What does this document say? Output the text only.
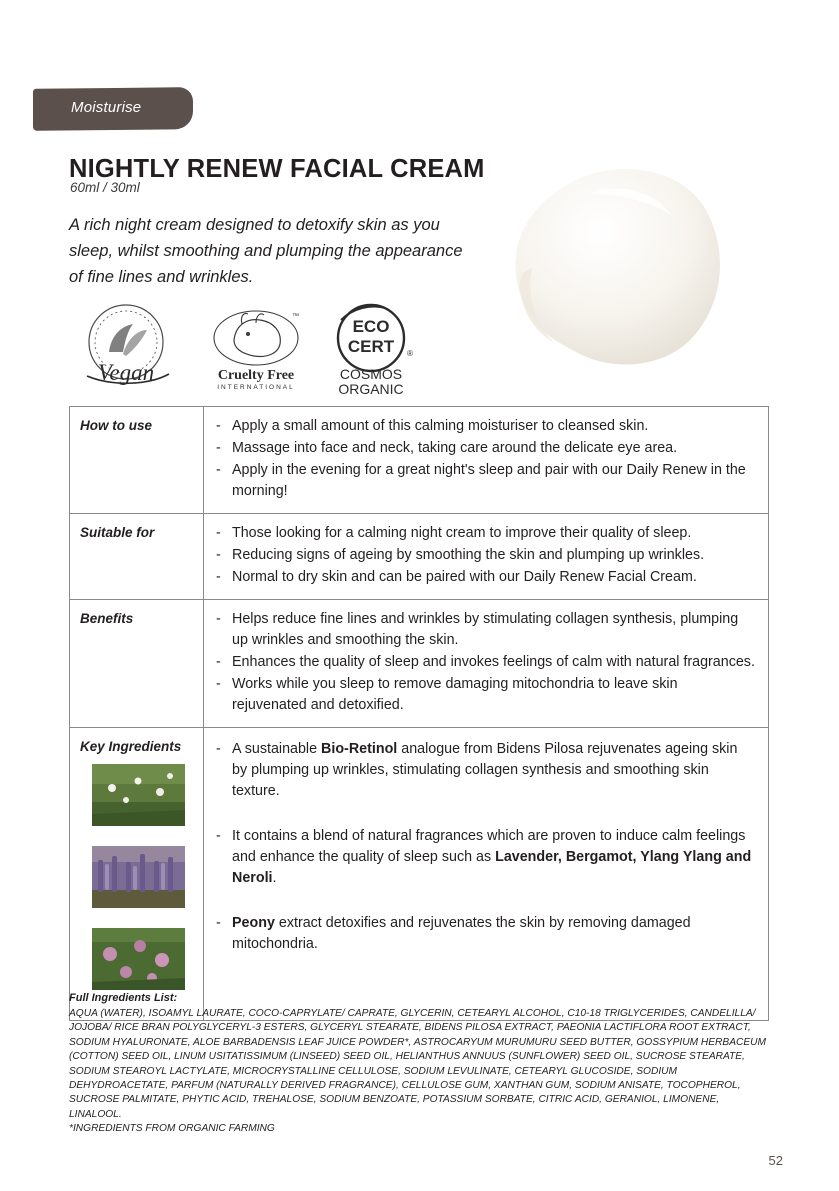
Moisturise
NIGHTLY RENEW FACIAL CREAM
60ml / 30ml
A rich night cream designed to detoxify skin as you sleep, whilst smoothing and plumping the appearance of fine lines and wrinkles.
Vegan
™
Cruelty Free
INTERNATIONAL
ECO
CERT ®
COSMOS
ORGANIC
How to use	- Apply a small amount of this calming moisturiser to cleansed skin.
- Massage into face and neck, taking care around the delicate eye area.
- Apply in the evening for a great night's sleep and pair with our Daily Renew in the morning!
Suitable for	- Those looking for a calming night cream to improve their quality of sleep.
- Reducing signs of ageing by smoothing the skin and plumping up wrinkles.
- Normal to dry skin and can be paired with our Daily Renew Facial Cream.
Benefits	- Helps reduce fine lines and wrinkles by stimulating collagen synthesis, plumping up wrinkles and smoothing the skin.
- Enhances the quality of sleep and invokes feelings of calm with natural fragrances.
- Works while you sleep to remove damaging mitochondria to leave skin rejuvenated and detoxified.
Key Ingredients	- A sustainable Bio-Retinol analogue from Bidens Pilosa rejuvenates ageing skin by plumping up wrinkles, stimulating collagen synthesis and smoothing skin texture.
- It contains a blend of natural fragrances which are proven to induce calm feelings and enhance the quality of sleep such as Lavender, Bergamot, Ylang Ylang and Neroli.
- Peony extract detoxifies and rejuvenates the skin by removing damaged mitochondria.
Full Ingredients List:
AQUA (WATER), ISOAMYL LAURATE, COCO-CAPRYLATE/ CAPRATE, GLYCERIN, CETEARYL ALCOHOL, C10-18 TRIGLYCERIDES, CANDELILLA/ JOJOBA/ RICE BRAN POLYGLYCERYL-3 ESTERS, GLYCERYL STEARATE, BIDENS PILOSA EXTRACT, PAEONIA LACTIFLORA ROOT EXTRACT, SODIUM HYALURONATE, ALOE BARBADENSIS LEAF JUICE POWDER*, ASTROCARYUM MURUMURU SEED BUTTER, GOSSYPIUM HERBACEUM (COTTON) SEED OIL, LINUM USITATISSIMUM (LINSEED) SEED OIL, HELIANTHUS ANNUUS (SUNFLOWER) SEED OIL, SUCROSE STEARATE, SODIUM STEAROYL LACTYLATE, MICROCRYSTALLINE CELLULOSE, SODIUM LEVULINATE, CETEARYL GLUCOSIDE, SODIUM DEHYDROACETATE, PARFUM (NATURALLY DERIVED FRAGRANCE), CELLULOSE GUM, XANTHAN GUM, SODIUM ANISATE, TOCOPHEROL, SUCROSE PALMITATE, PHYTIC ACID, TREHALOSE, SODIUM BENZOATE, POTASSIUM SORBATE, CITRIC ACID, GERANIOL, LIMONENE, LINALOOL.
*INGREDIENTS FROM ORGANIC FARMING
52
